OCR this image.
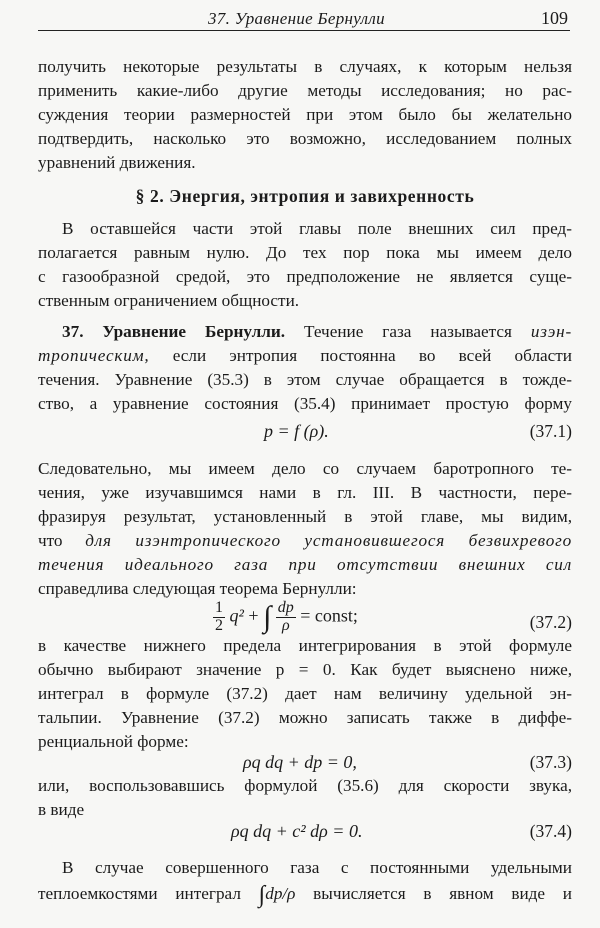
37. Уравнение Бернулли	109
получить некоторые результаты в случаях, к которым нельзя
применить какие-либо другие методы исследования; но рас-
суждения теории размерностей при этом было бы желательно
подтвердить, насколько это возможно, исследованием полных
уравнений движения.
§ 2. Энергия, энтропия и завихренность
В оставшейся части этой главы поле внешних сил пред-
полагается равным нулю. До тех пор пока мы имеем дело
с газообразной средой, это предположение не является суще-
ственным ограничением общности.
37. Уравнение Бернулли. Течение газа называется изэн-
тропическим, если энтропия постоянна во всей области
течения. Уравнение (35.3) в этом случае обращается в тожде-
ство, а уравнение состояния (35.4) принимает простую форму
p = f (ρ).	(37.1)
Следовательно, мы имеем дело со случаем баротропного те-
чения, уже изучавшимся нами в гл. III. В частности, пере-
фразируя результат, установленный в этой главе, мы видим,
что для изэнтропического установившегося безвихревого
течения идеального газа при отсутствии внешних сил
справедлива следующая теорема Бернулли:
$\frac{1}{2} q^2$ + ∫ $\frac{dp}{\rho}$ = const;	(37.2)
в качестве нижнего предела интегрирования в этой формуле
обычно выбирают значение p = 0. Как будет выяснено ниже,
интеграл в формуле (37.2) дает нам величину удельной эн-
тальпии. Уравнение (37.2) можно записать также в диффе-
ренциальной форме:
ρq dq + dp = 0,	(37.3)
или, воспользовавшись формулой (35.6) для скорости звука,
в виде
ρq dq + c² dρ = 0.	(37.4)
В случае совершенного газа с постоянными удельными
теплоемкостями интеграл ∫dp/ρ вычисляется в явном виде и
